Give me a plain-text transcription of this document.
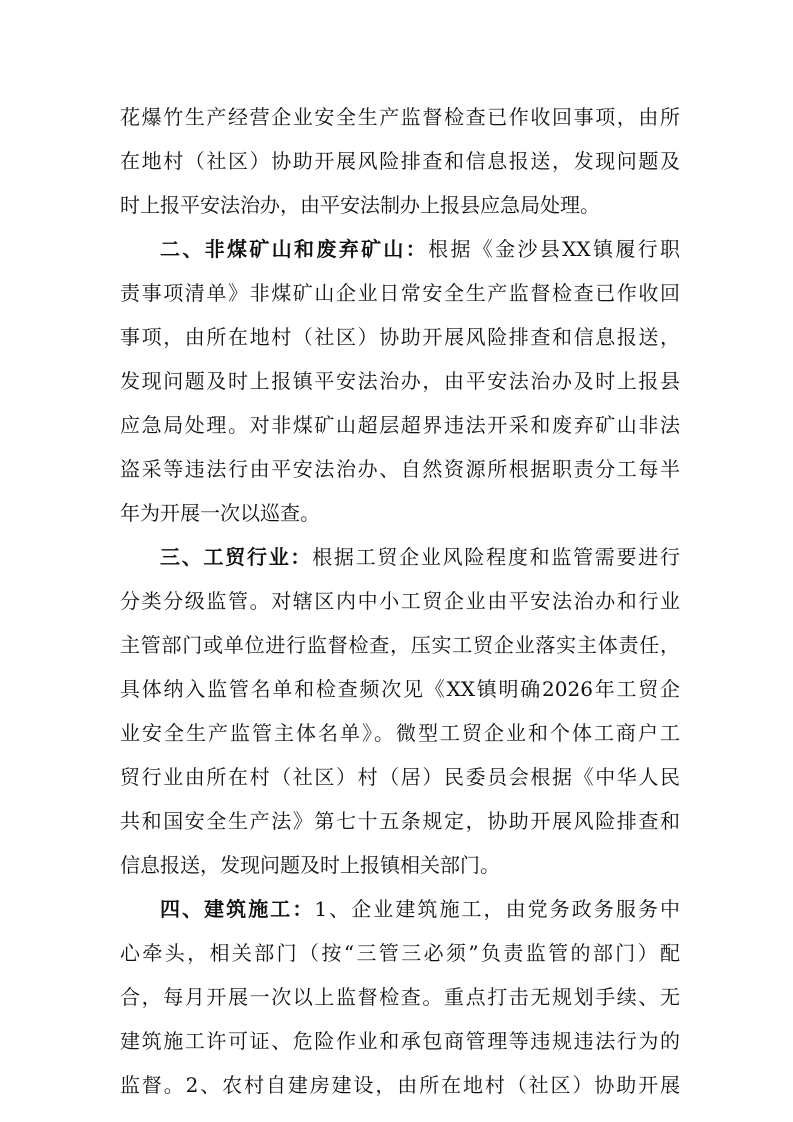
花爆竹生产经营企业安全生产监督检查已作收回事项，由所
在地村（社区）协助开展风险排查和信息报送，发现问题及
时上报平安法治办，由平安法制办上报县应急局处理。
二、非煤矿山和废弃矿山：根据《金沙县XX镇履行职
责事项清单》非煤矿山企业日常安全生产监督检查已作收回
事项，由所在地村（社区）协助开展风险排查和信息报送，
发现问题及时上报镇平安法治办，由平安法治办及时上报县
应急局处理。对非煤矿山超层超界违法开采和废弃矿山非法
盗采等违法行由平安法治办、自然资源所根据职责分工每半
年为开展一次以巡查。
三、工贸行业：根据工贸企业风险程度和监管需要进行
分类分级监管。对辖区内中小工贸企业由平安法治办和行业
主管部门或单位进行监督检查，压实工贸企业落实主体责任，
具体纳入监管名单和检查频次见《XX镇明确2026年工贸企
业安全生产监管主体名单》。微型工贸企业和个体工商户工
贸行业由所在村（社区）村（居）民委员会根据《中华人民
共和国安全生产法》第七十五条规定，协助开展风险排查和
信息报送，发现问题及时上报镇相关部门。
四、建筑施工：1、企业建筑施工，由党务政务服务中
心牵头，相关部门（按“三管三必须”负责监管的部门）配
合，每月开展一次以上监督检查。重点打击无规划手续、无
建筑施工许可证、危险作业和承包商管理等违规违法行为的
监督。2、农村自建房建设，由所在地村（社区）协助开展
